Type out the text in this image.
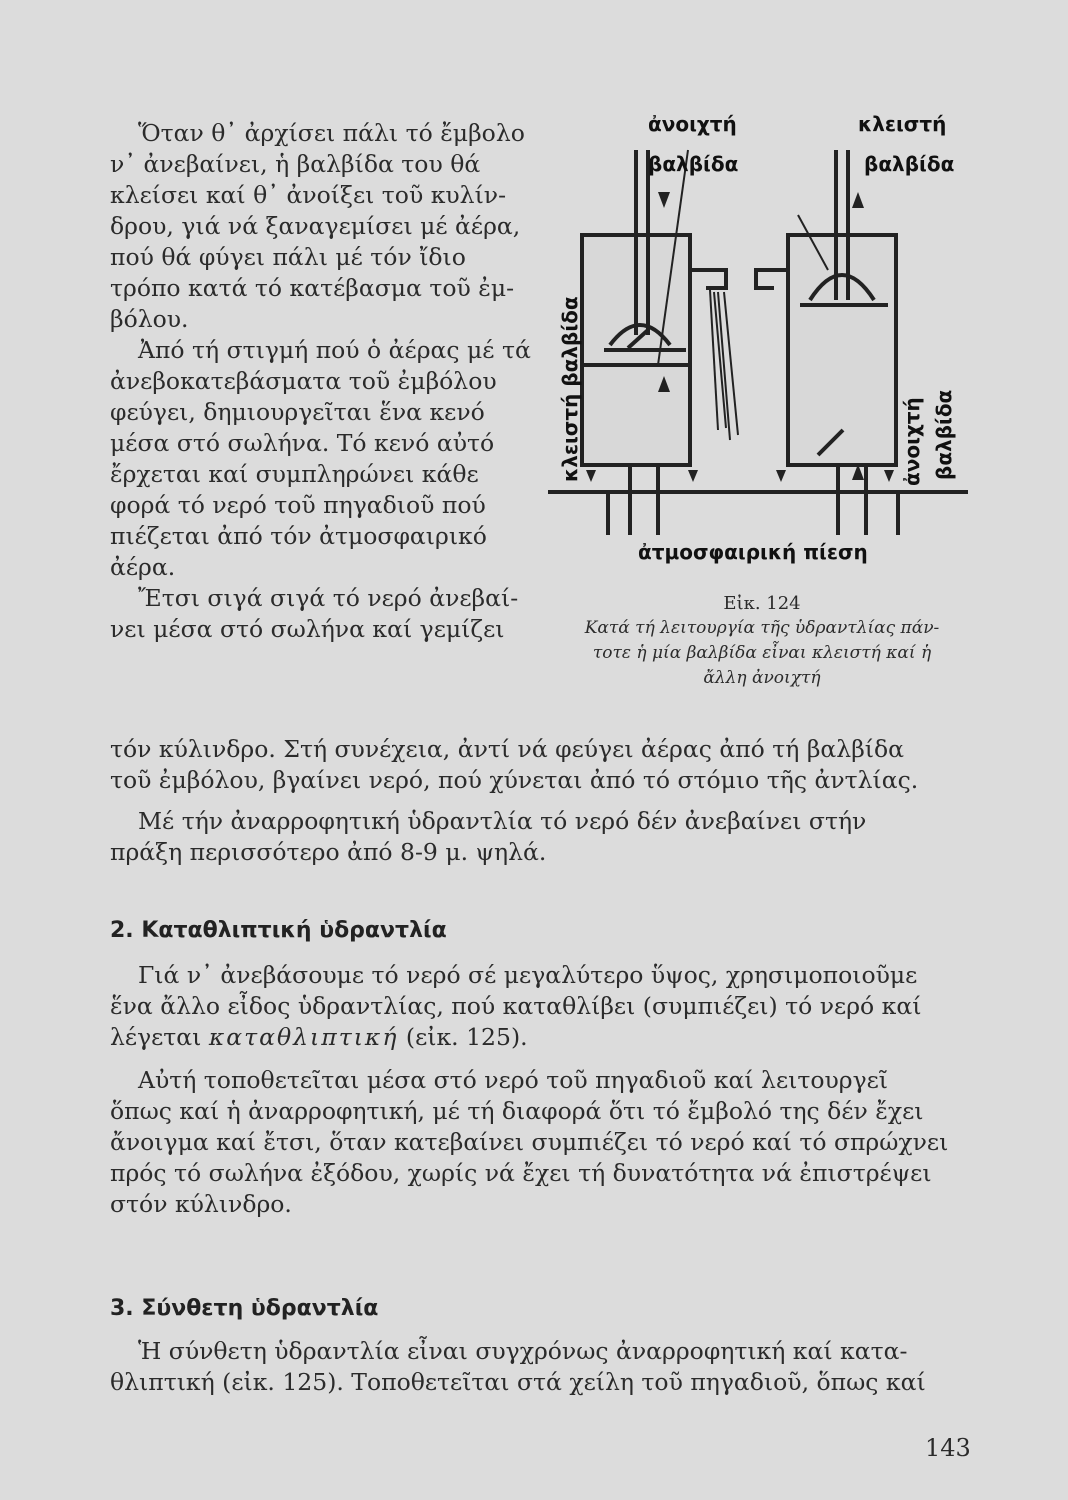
Ὅταν θ᾽ ἀρχίσει πάλι τό ἔμβολο

ν᾽ ἀνεβαίνει, ἡ βαλβίδα του θά

κλείσει καί θ᾽ ἀνοίξει τοῦ κυλίν-

δρου, γιά νά ξαναγεμίσει μέ ἀέρα,

πού θά φύγει πάλι μέ τόν ἴδιο

τρόπο κατά τό κατέβασμα τοῦ ἐμ-

βόλου.

Ἀπό τή στιγμή πού ὁ ἀέρας μέ τά

ἀνεβοκατεβάσματα τοῦ ἐμβόλου

φεύγει, δημιουργεῖται ἕνα κενό

μέσα στό σωλήνα. Τό κενό αὐτό

ἔρχεται καί συμπληρώνει κάθε

φορά τό νερό τοῦ πηγαδιοῦ πού

πιέζεται ἀπό τόν ἀτμοσφαιρικό

ἀέρα.

Ἔτσι σιγά σιγά τό νερό ἀνεβαί-

νει μέσα στό σωλήνα καί γεμίζει

ἀνοιχτή
βαλβίδα
κλειστή
βαλβίδα
κλειστή βαλβίδα	ἀνοιχτή βαλβίδα
ἀτμοσφαιρική πίεση
Εἰκ. 124
Κατά τή λειτουργία τῆς ὑδραντλίας πάν-
τοτε ἡ μία βαλβίδα εἶναι κλειστή καί ἡ
ἄλλη ἀνοιχτή

τόν κύλινδρο. Στή συνέχεια, ἀντί νά φεύγει ἀέρας ἀπό τή βαλβίδα

τοῦ ἐμβόλου, βγαίνει νερό, πού χύνεται ἀπό τό στόμιο τῆς ἀντλίας.

Μέ τήν ἀναρροφητική ὑδραντλία τό νερό δέν ἀνεβαίνει στήν

πράξη περισσότερο ἀπό 8-9 μ. ψηλά.

2. Καταθλιπτική ὑδραντλία

Γιά ν᾽ ἀνεβάσουμε τό νερό σέ μεγαλύτερο ὕψος, χρησιμοποιοῦμε

ἕνα ἄλλο εἶδος ὑδραντλίας, πού καταθλίβει (συμπιέζει) τό νερό καί

λέγεται καταθλιπτική (εἰκ. 125).

Αὐτή τοποθετεῖται μέσα στό νερό τοῦ πηγαδιοῦ καί λειτουργεῖ

ὅπως καί ἡ ἀναρροφητική, μέ τή διαφορά ὅτι τό ἔμβολό της δέν ἔχει

ἄνοιγμα καί ἔτσι, ὅταν κατεβαίνει συμπιέζει τό νερό καί τό σπρώχνει

πρός τό σωλήνα ἐξόδου, χωρίς νά ἔχει τή δυνατότητα νά ἐπιστρέψει

στόν κύλινδρο.

3. Σύνθετη ὑδραντλία

Ἡ σύνθετη ὑδραντλία εἶναι συγχρόνως ἀναρροφητική καί κατα-

θλιπτική (εἰκ. 125). Τοποθετεῖται στά χείλη τοῦ πηγαδιοῦ, ὅπως καί

143
